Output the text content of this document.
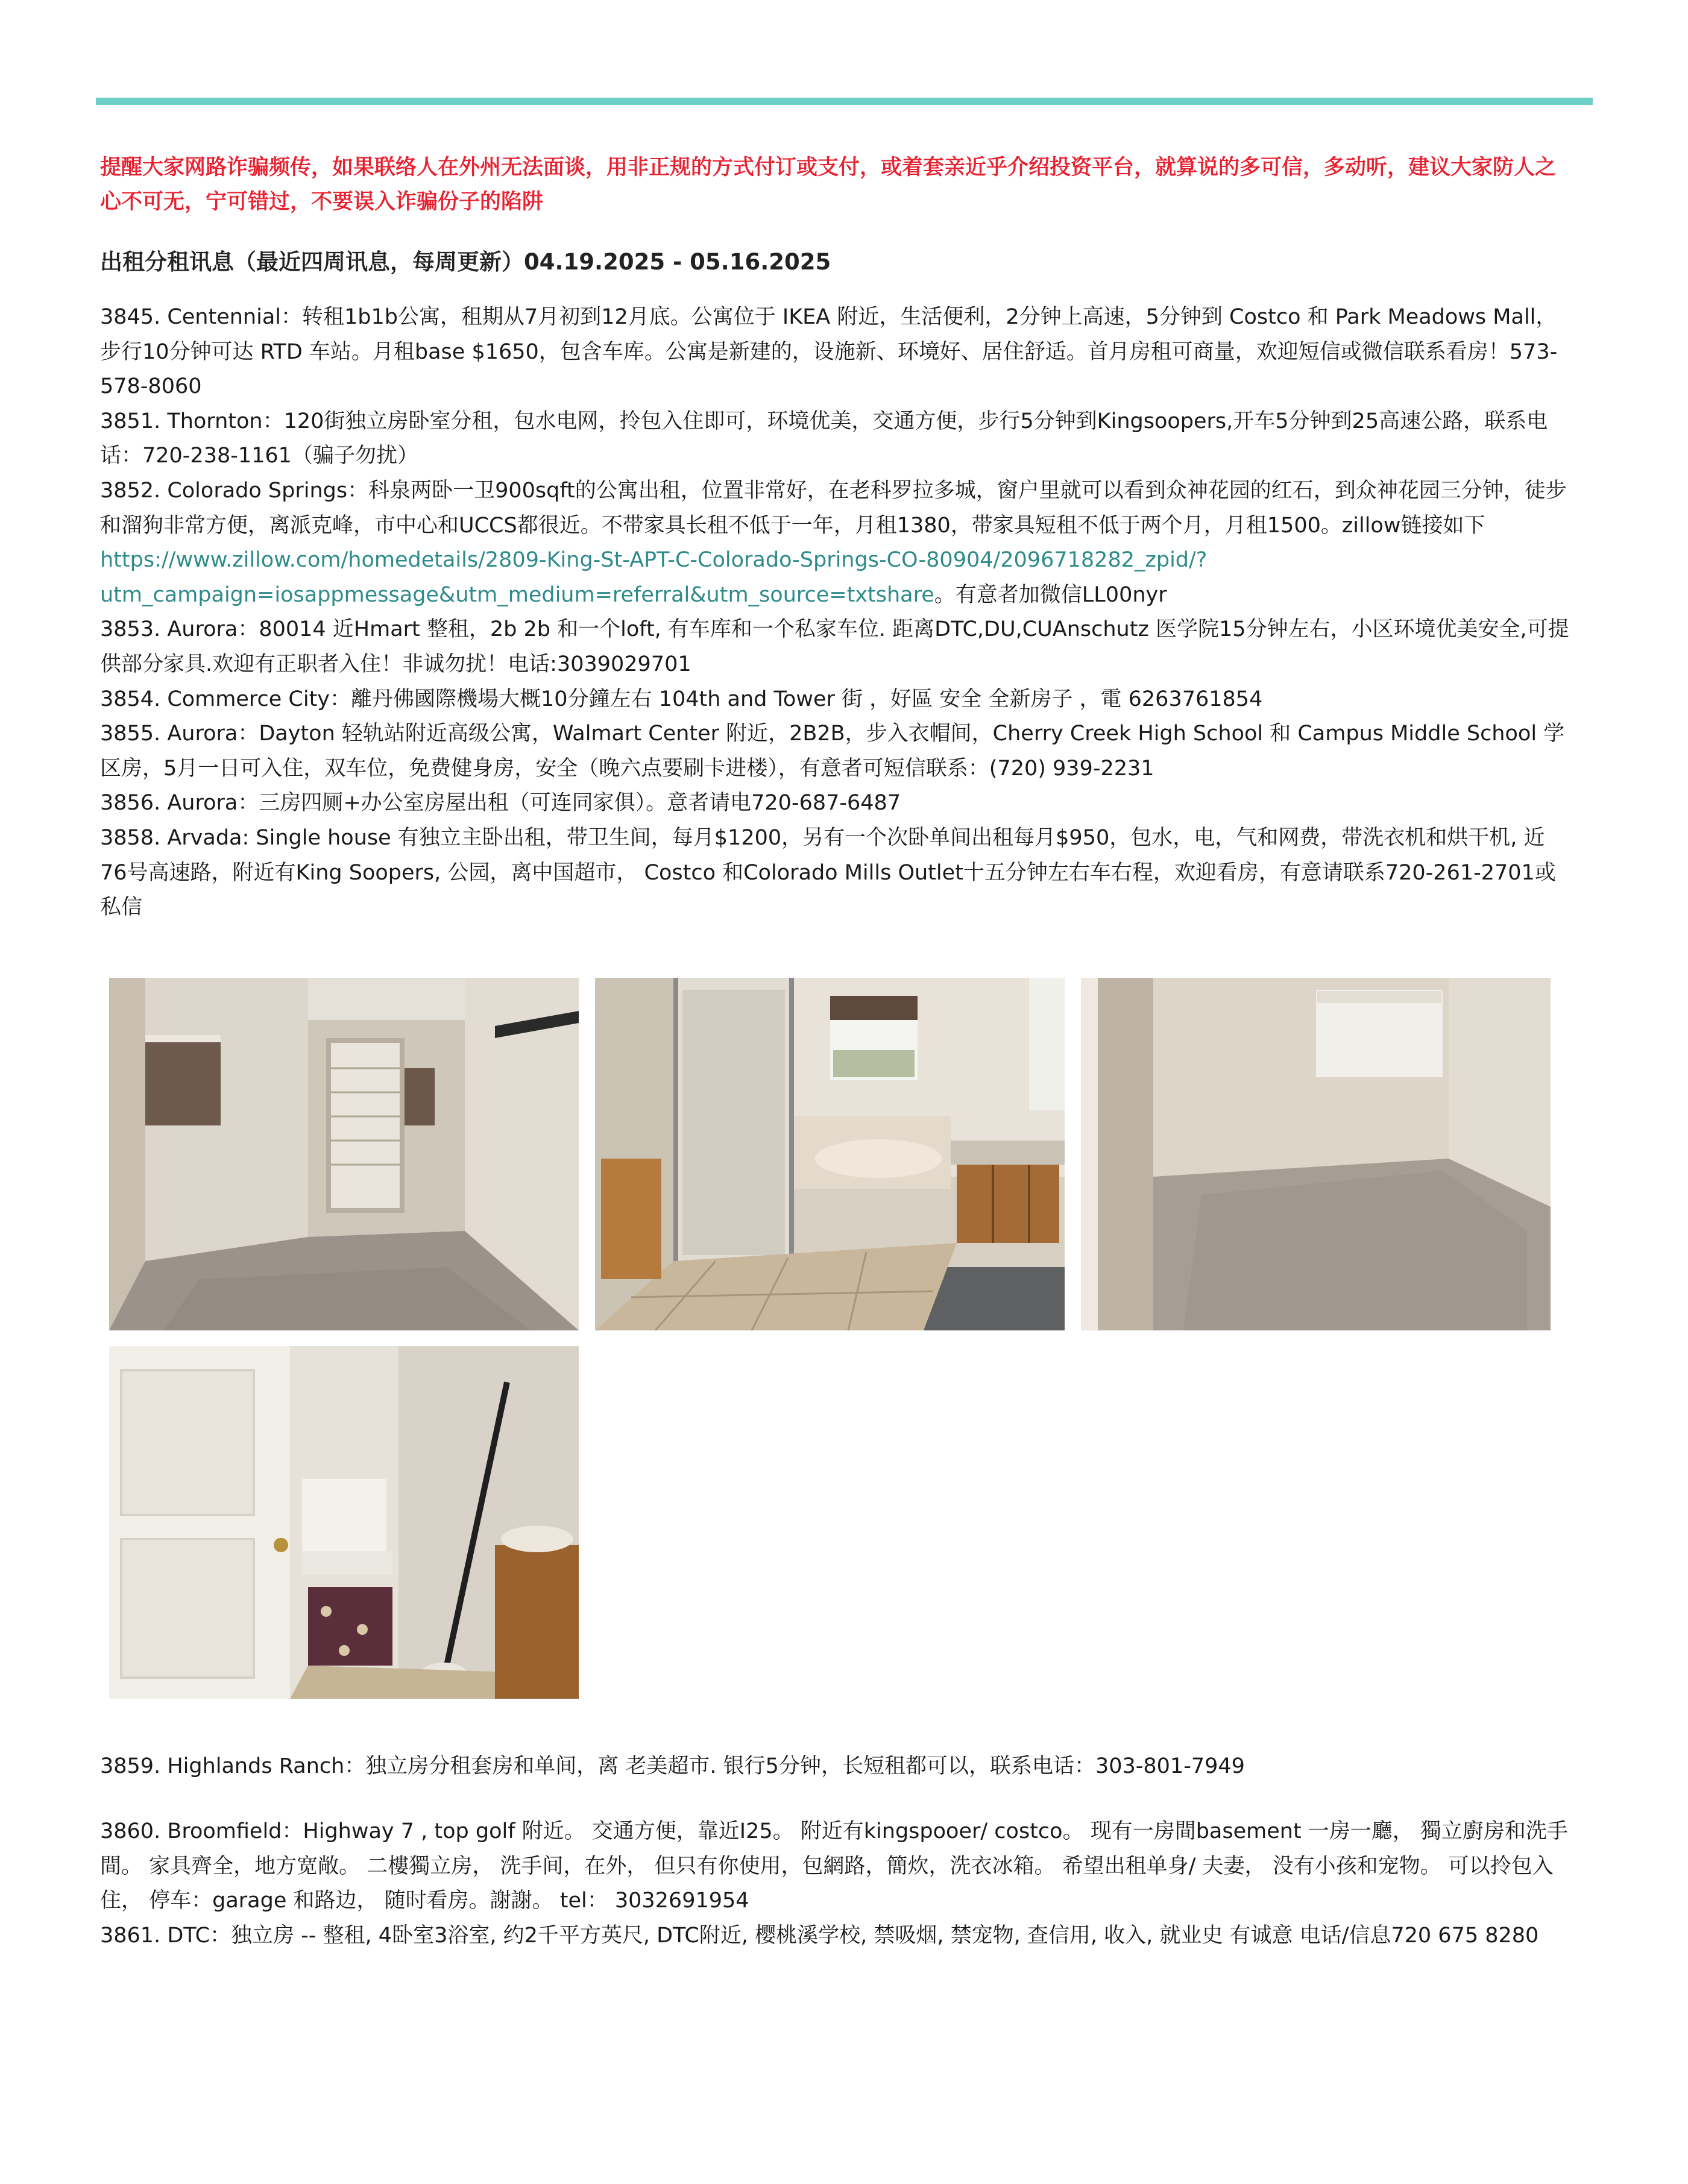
提醒大家网路诈骗频传，如果联络人在外州无法面谈，用非正规的方式付订或支付，或着套亲近乎介绍投资平台，就算说的多可信，多动听，建议大家防人之心不可无，宁可错过，不要误入诈骗份子的陷阱
出租分租讯息（最近四周讯息，每周更新）04.19.2025 - 05.16.2025

3845. Centennial：转租1b1b公寓，租期从7月初到12月底。公寓位于 IKEA 附近，生活便利，2分钟上高速，5分钟到 Costco 和 Park Meadows Mall，步行10分钟可达 RTD 车站。月租base $1650，包含车库。公寓是新建的，设施新、环境好、居住舒适。首月房租可商量，欢迎短信或微信联系看房！573-578-8060

3851. Thornton：120街独立房卧室分租，包水电网，拎包入住即可，环境优美，交通方便，步行5分钟到Kingsoopers,开车5分钟到25高速公路，联系电话：720-238-1161（骗子勿扰）

3852. Colorado Springs：科泉两卧一卫900sqft的公寓出租，位置非常好，在老科罗拉多城，窗户里就可以看到众神花园的红石，到众神花园三分钟，徒步和溜狗非常方便，离派克峰，市中心和UCCS都很近。不带家具长租不低于一年，月租1380，带家具短租不低于两个月，月租1500。zillow链接如下https://www.zillow.com/homedetails/2809-King-St-APT-C-Colorado-Springs-CO-80904/2096718282_zpid/?utm_campaign=iosappmessage&utm_medium=referral&utm_source=txtshare。有意者加微信LL00nyr

3853. Aurora：80014 近Hmart 整租，2b 2b 和一个loft, 有车库和一个私家车位. 距离DTC,DU,CUAnschutz 医学院15分钟左右，小区环境优美安全,可提供部分家具.欢迎有正职者入住！非诚勿扰！电话:3039029701

3854. Commerce City：離丹佛國際機場大概10分鐘左右 104th and Tower 街 ，好區 安全 全新房子 ，電 6263761854

3855. Aurora：Dayton 轻轨站附近高级公寓，Walmart Center 附近，2B2B，步入衣帽间，Cherry Creek High School 和 Campus Middle School 学区房，5月一日可入住，双车位，免费健身房，安全（晚六点要刷卡进楼），有意者可短信联系：(720) 939-2231

3856. Aurora：三房四厕+办公室房屋出租（可连同家俱）。意者请电720-687-6487

3858. Arvada: Single house 有独立主卧出租，带卫生间，每月$1200，另有一个次卧单间出租每月$950，包水，电，气和网费，带洗衣机和烘干机, 近76号高速路，附近有King Soopers, 公园，离中国超市， Costco 和Colorado Mills Outlet十五分钟左右车右程，欢迎看房，有意请联系720-261-2701或私信

3859. Highlands Ranch：独立房分租套房和单间，离 老美超市. 银行5分钟，长短租都可以，联系电话：303-801-7949

3860. Broomfield：Highway 7 , top golf 附近。 交通方便，靠近I25。 附近有kingspooer/ costco。 现有一房間basement 一房一廳， 獨立廚房和洗手間。 家具齊全，地方宽敞。 二樓獨立房， 洗手间，在外， 但只有你使用，包網路，簡炊，洗衣冰箱。 希望出租单身/ 夫妻， 没有小孩和宠物。 可以拎包入住， 停车：garage 和路边， 随时看房。謝謝。 tel： 3032691954

3861. DTC：独立房 -- 整租, 4卧室3浴室, 约2千平方英尺, DTC附近, 樱桃溪学校, 禁吸烟, 禁宠物, 查信用, 收入, 就业史 有诚意 电话/信息720 675 8280
